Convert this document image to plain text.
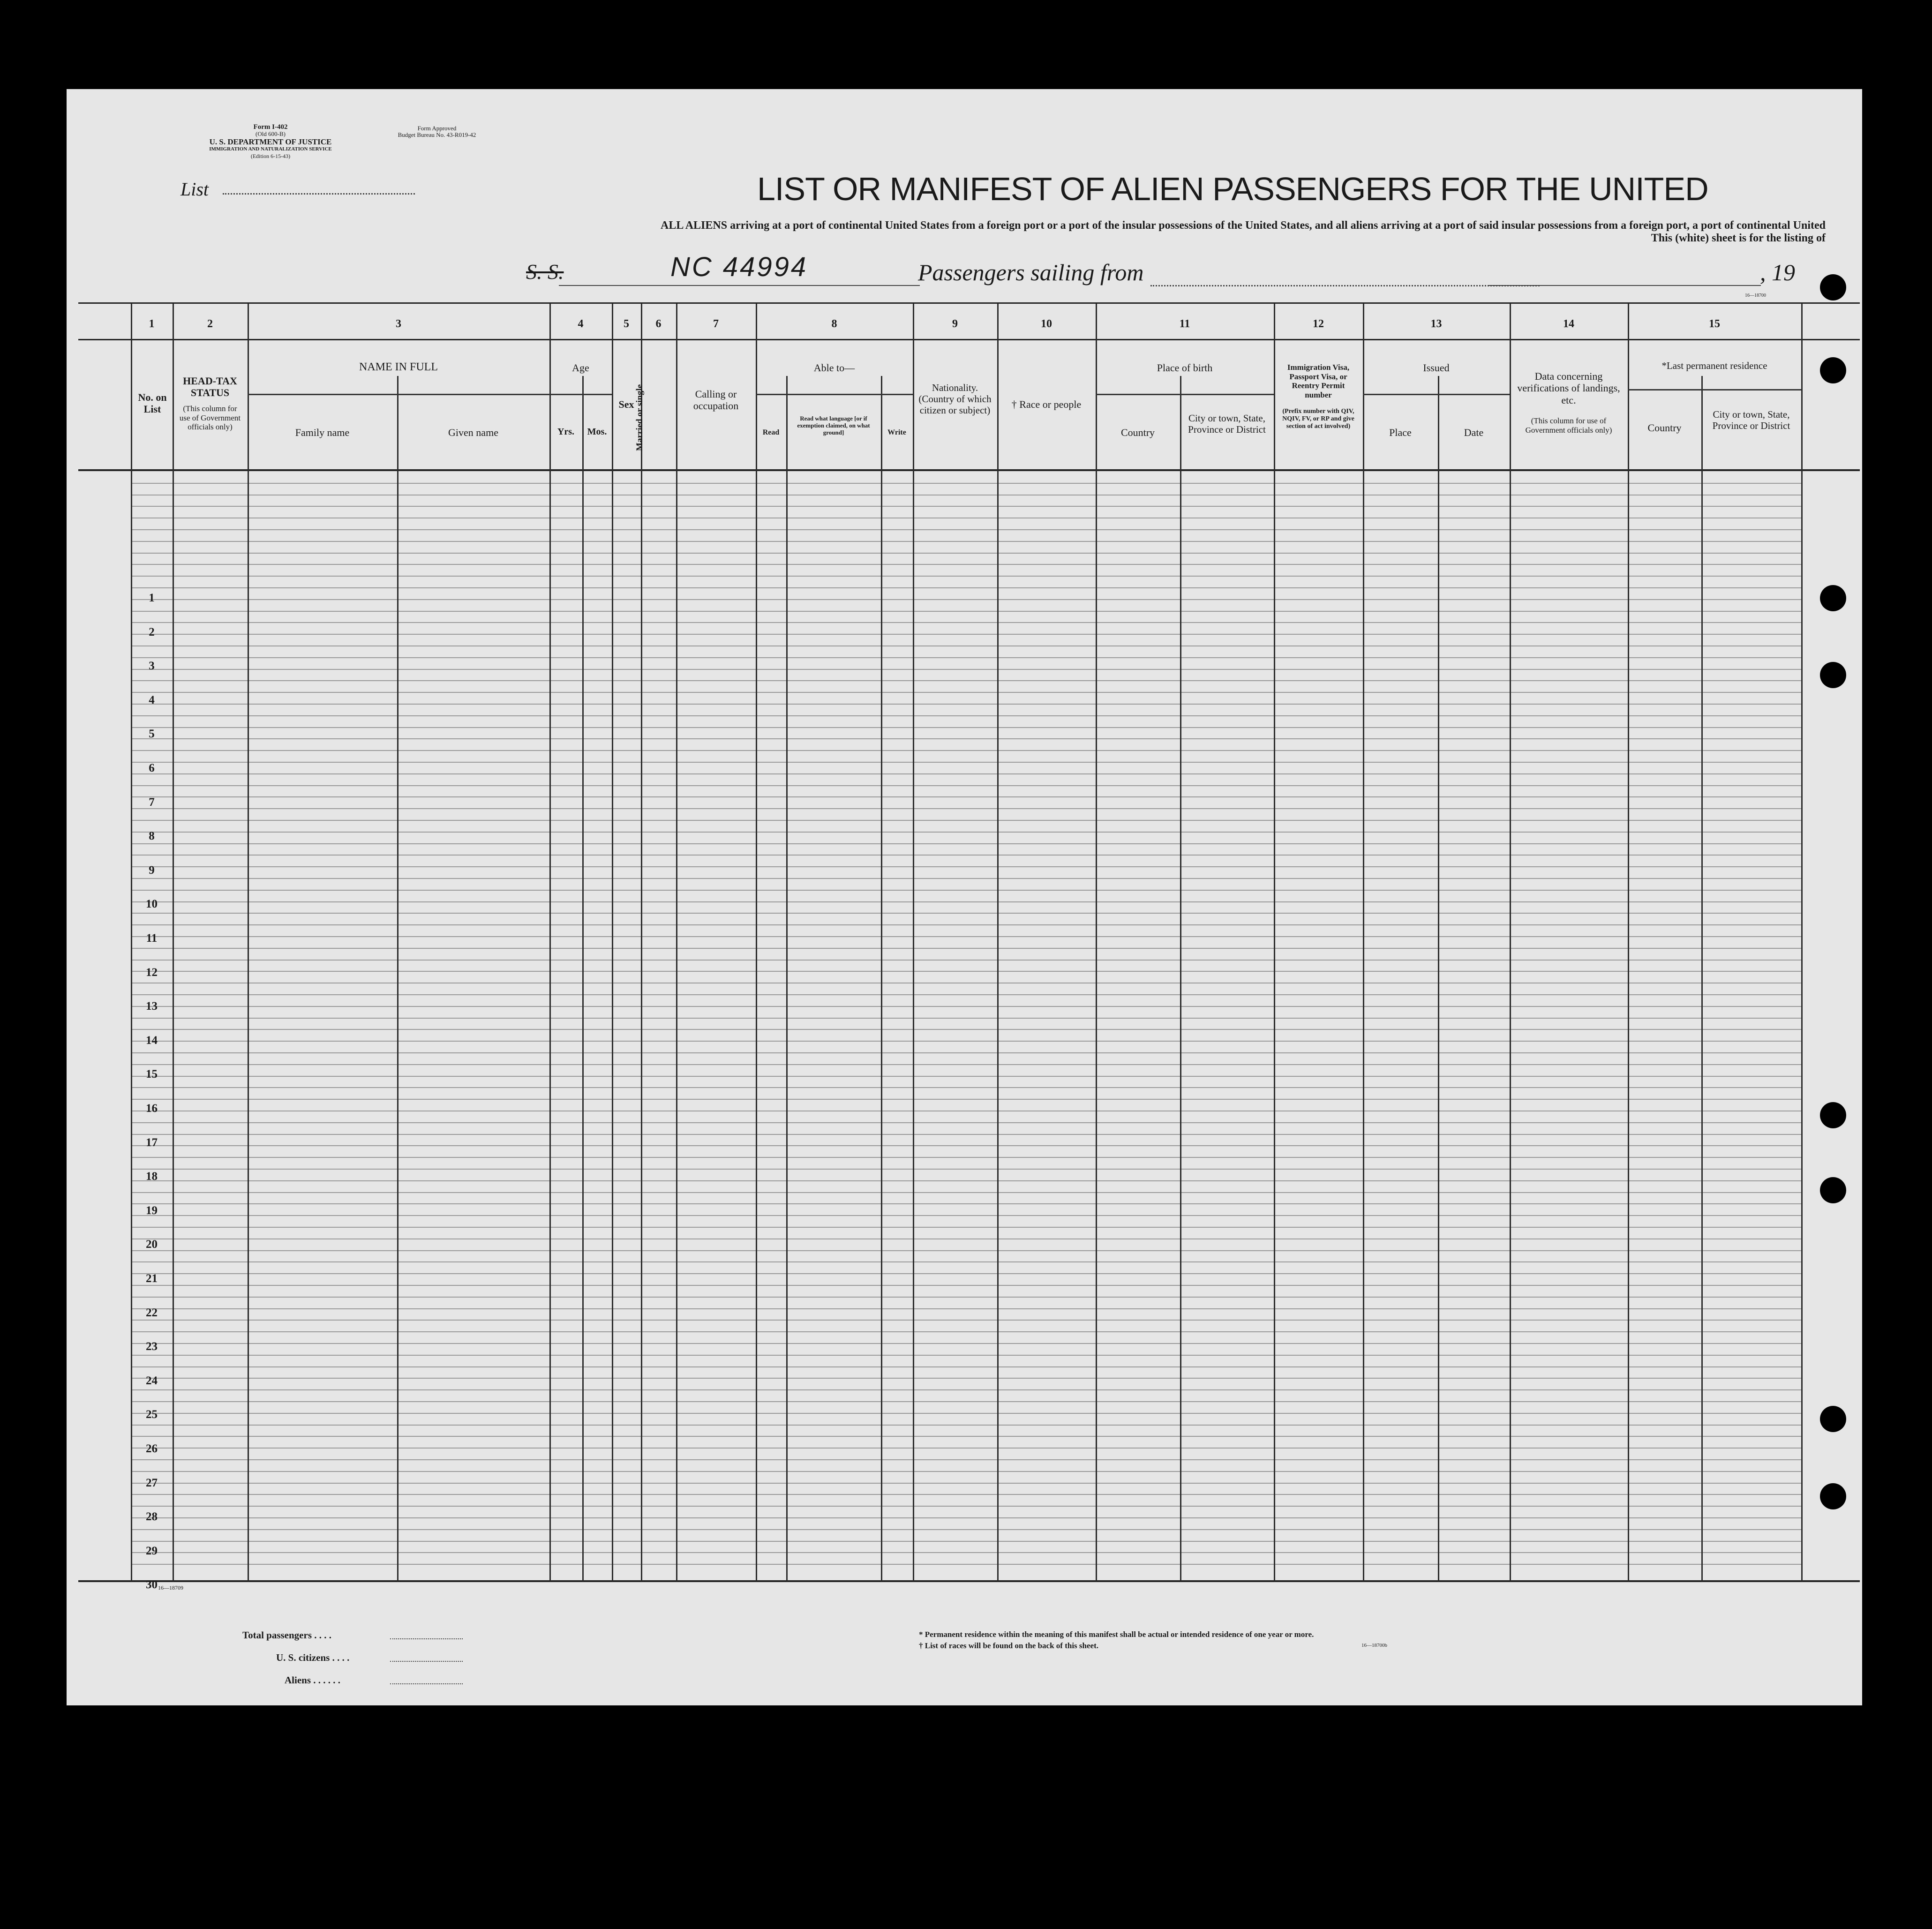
Form I-402
(Old 600-B)
U. S. DEPARTMENT OF JUSTICE
IMMIGRATION AND NATURALIZATION SERVICE
(Edition 6-15-43)
Form Approved
Budget Bureau No. 43-R019-42
List	LIST OR MANIFEST OF ALIEN PASSENGERS FOR THE UNITED
ALL ALIENS arriving at a port of continental United States from a foreign port or a port of the insular possessions of the United States, and all aliens arriving at a port of said insular possessions from a foreign port, a port of continental United
This (white) sheet is for the listing of
S. S.	NC 44994	Passengers sailing from	, 19
16—18700
1	2	3	4	5	6	7	8	9	10	11	12	13	14	15
No. on List
HEAD-TAX STATUS
(This column for use of Government officials only)
NAME IN FULL
Family name	Given name
Age
Yrs.	Mos.
Sex Married or single	Calling or occupation
Able to—
Read
Read what language [or if exemption claimed, on what ground]	Write
Nationality. (Country of which citizen or subject)
† Race or people
Place of birth
Country
City or town, State, Province or District
Immigration Visa, Passport Visa, or Reentry Permit number
(Prefix number with QIV, NQIV, FV, or RP and give section of act involved)
Issued
Place	Date
Data concerning verifications of landings, etc.
(This column for use of Government officials only)
*Last permanent residence
Country
City or town, State, Province or District
1
2
3
4
5
6
7
8
9
10
11
12
13
14
15
16
17
18
19
20
21
22
23
24
25
26
27
28
29
30 16—18709
Total passengers . . . .
U. S. citizens . . . .
Aliens . . . . . .
* Permanent residence within the meaning of this manifest shall be actual or intended residence of one year or more.
† List of races will be found on the back of this sheet.	16—18700b
